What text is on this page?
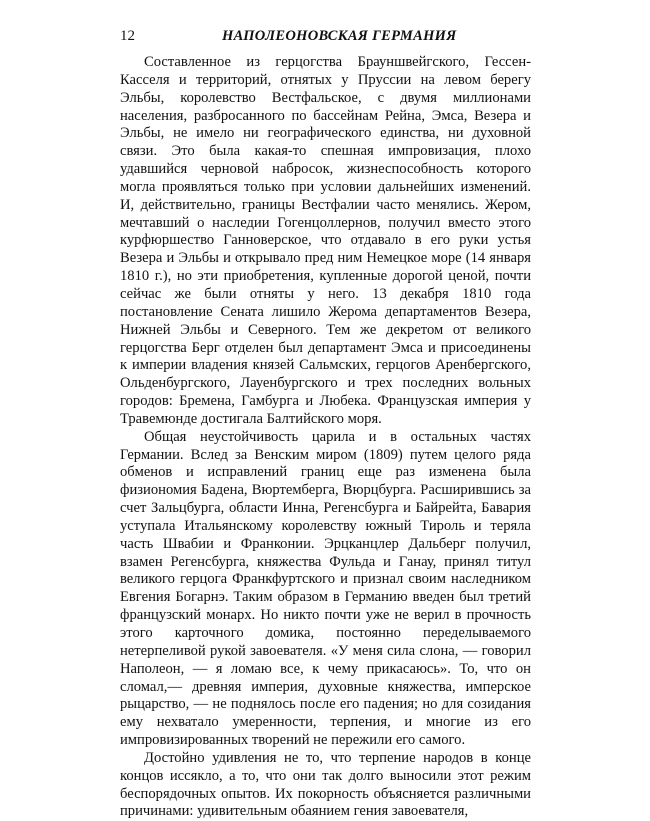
12	НАПОЛЕОНОВСКАЯ ГЕРМАНИЯ

Составленное из герцогства Брауншвейгского, Гессен-Касселя и территорий, отнятых у Пруссии на левом берегу Эльбы, королевство Вестфальское, с двумя миллионами населения, разбросанного по бассейнам Рейна, Эмса, Везера и Эльбы, не имело ни географического единства, ни духовной связи. Это была какая-то спешная импровизация, плохо удавшийся черновой набросок, жизнеспособность которого могла проявляться только при условии дальнейших изменений. И, действительно, границы Вестфалии часто менялись. Жером, мечтавший о наследии Гогенцоллернов, получил вместо этого курфюршество Ганноверское, что отдавало в его руки устья Везера и Эльбы и открывало пред ним Немецкое море (14 января 1810 г.), но эти приобретения, купленные дорогой ценой, почти сейчас же были отняты у него. 13 декабря 1810 года постановление Сената лишило Жерома департаментов Везера, Нижней Эльбы и Северного. Тем же декретом от великого герцогства Берг отделен был департамент Эмса и присоединены к империи владения князей Сальмских, герцогов Аренбергского, Ольденбургского, Лауенбургского и трех последних вольных городов: Бремена, Гамбурга и Любека. Французская империя у Травемюнде достигала Балтийского моря.

Общая неустойчивость царила и в остальных частях Германии. Вслед за Венским миром (1809) путем целого ряда обменов и исправлений границ еще раз изменена была физиономия Бадена, Вюртемберга, Вюрцбурга. Расширившись за счет Зальцбурга, области Инна, Регенсбурга и Байрейта, Бавария уступала Итальянскому королевству южный Тироль и теряла часть Швабии и Франконии. Эрцканцлер Дальберг получил, взамен Регенсбурга, княжества Фульда и Ганау, принял титул великого герцога Франкфуртского и признал своим наследником Евгения Богарнэ. Таким образом в Германию введен был третий французский монарх. Но никто почти уже не верил в прочность этого карточного домика, постоянно переделываемого нетерпеливой рукой завоевателя. «У меня сила слона, — говорил Наполеон, — я ломаю все, к чему прикасаюсь». То, что он сломал,— древняя империя, духовные княжества, имперское рыцарство, — не поднялось после его падения; но для созидания ему нехватало умеренности, терпения, и многие из его импровизированных творений не пережили его самого.

Достойно удивления не то, что терпение народов в конце концов иссякло, а то, что они так долго выносили этот режим беспорядочных опытов. Их покорность объясняется различными причинами: удивительным обаянием гения завоевателя,
